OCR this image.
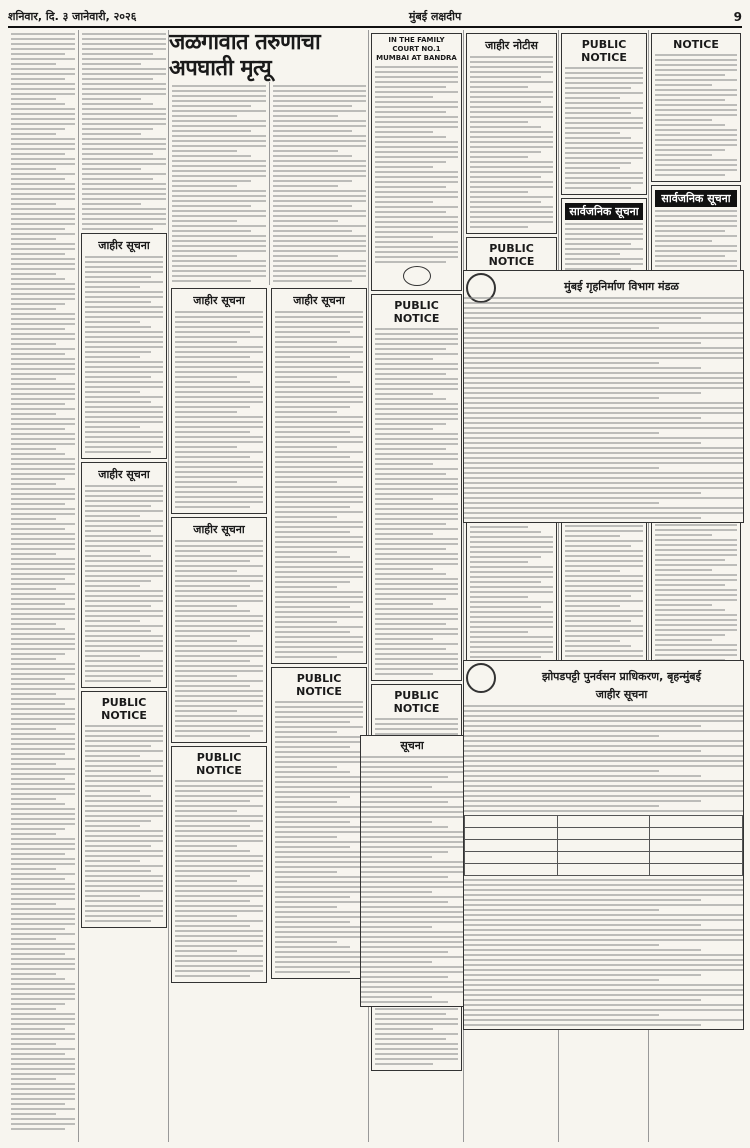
शनिवार, दि. ३ जानेवारी, २०२६	मुंबई लक्षदीप	9
जाहीर सूचना
जाहीर सूचना
PUBLIC NOTICE
जळगावात तरुणाचा अपघाती मृत्यू
जाहीर सूचना
जाहीर सूचना
PUBLIC NOTICE
जाहीर सूचना
PUBLIC NOTICE
IN THE FAMILY COURT NO.1 MUMBAI AT BANDRA
PUBLIC NOTICE
PUBLIC NOTICE
जाहीर नोटीस
PUBLIC NOTICE
PUBLIC NOTICE
सार्वजनिक सूचना
NOTICE
सार्वजनिक सूचना
मुंबई गृहनिर्माण विभाग मंडळ
झोपडपट्टी पुनर्वसन प्राधिकरण, बृहन्मुंबई
जाहीर सूचना

सूचना
